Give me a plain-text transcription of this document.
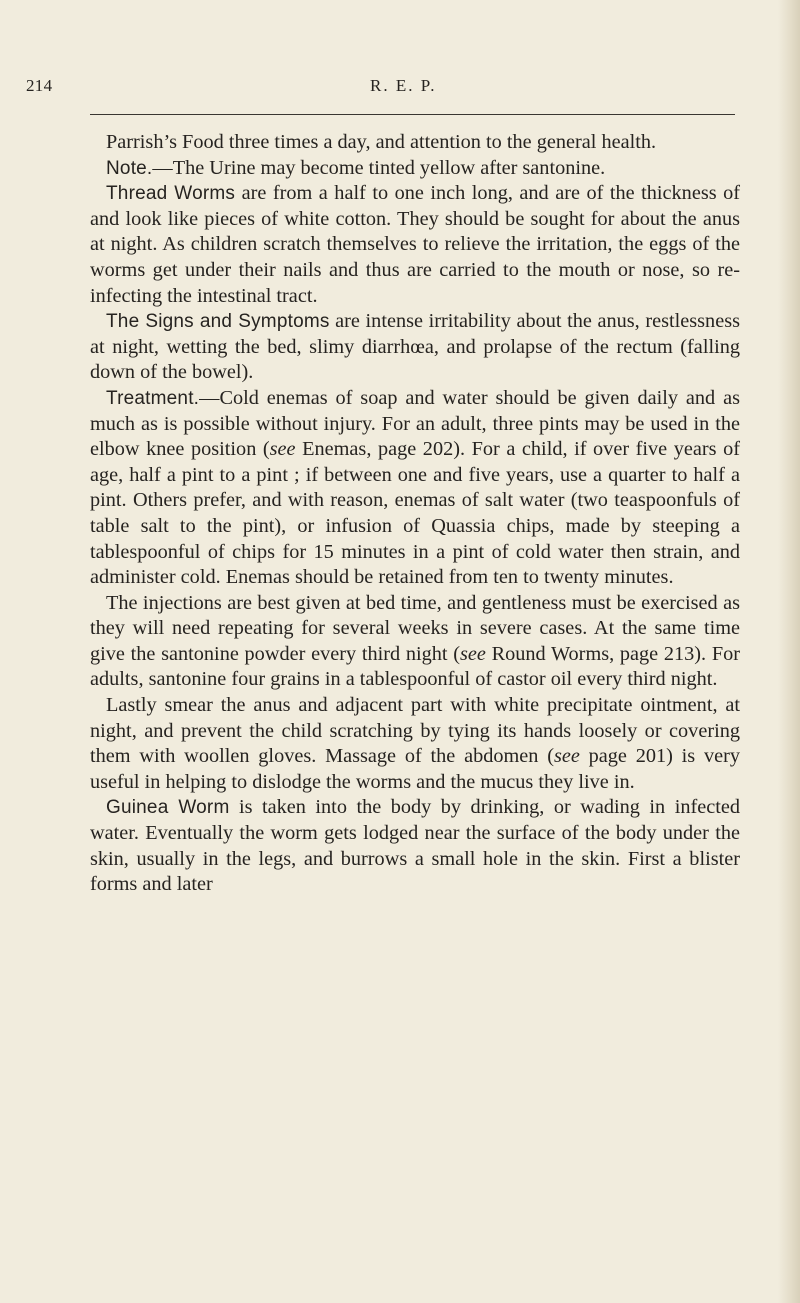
214	R. E. P.

Parrish’s Food three times a day, and attention to the general health.

Note.—The Urine may become tinted yellow after santonine.

Thread Worms are from a half to one inch long, and are of the thickness of and look like pieces of white cotton. They should be sought for about the anus at night. As children scratch themselves to relieve the irritation, the eggs of the worms get under their nails and thus are carried to the mouth or nose, so re-infecting the intestinal tract.

The Signs and Symptoms are intense irritability about the anus, restlessness at night, wetting the bed, slimy diarrhœa, and prolapse of the rectum (falling down of the bowel).

Treatment.—Cold enemas of soap and water should be given daily and as much as is possible without injury. For an adult, three pints may be used in the elbow knee position (see Enemas, page 202). For a child, if over five years of age, half a pint to a pint ; if between one and five years, use a quarter to half a pint. Others prefer, and with reason, enemas of salt water (two teaspoonfuls of table salt to the pint), or infusion of Quassia chips, made by steeping a tablespoonful of chips for 15 minutes in a pint of cold water then strain, and administer cold. Enemas should be retained from ten to twenty minutes.

The injections are best given at bed time, and gentleness must be exercised as they will need repeating for several weeks in severe cases. At the same time give the santonine powder every third night (see Round Worms, page 213). For adults, santonine four grains in a tablespoonful of castor oil every third night.

Lastly smear the anus and adjacent part with white precipitate ointment, at night, and prevent the child scratching by tying its hands loosely or covering them with woollen gloves. Massage of the abdomen (see page 201) is very useful in helping to dislodge the worms and the mucus they live in.

Guinea Worm is taken into the body by drinking, or wading in infected water. Eventually the worm gets lodged near the surface of the body under the skin, usually in the legs, and burrows a small hole in the skin. First a blister forms and later
